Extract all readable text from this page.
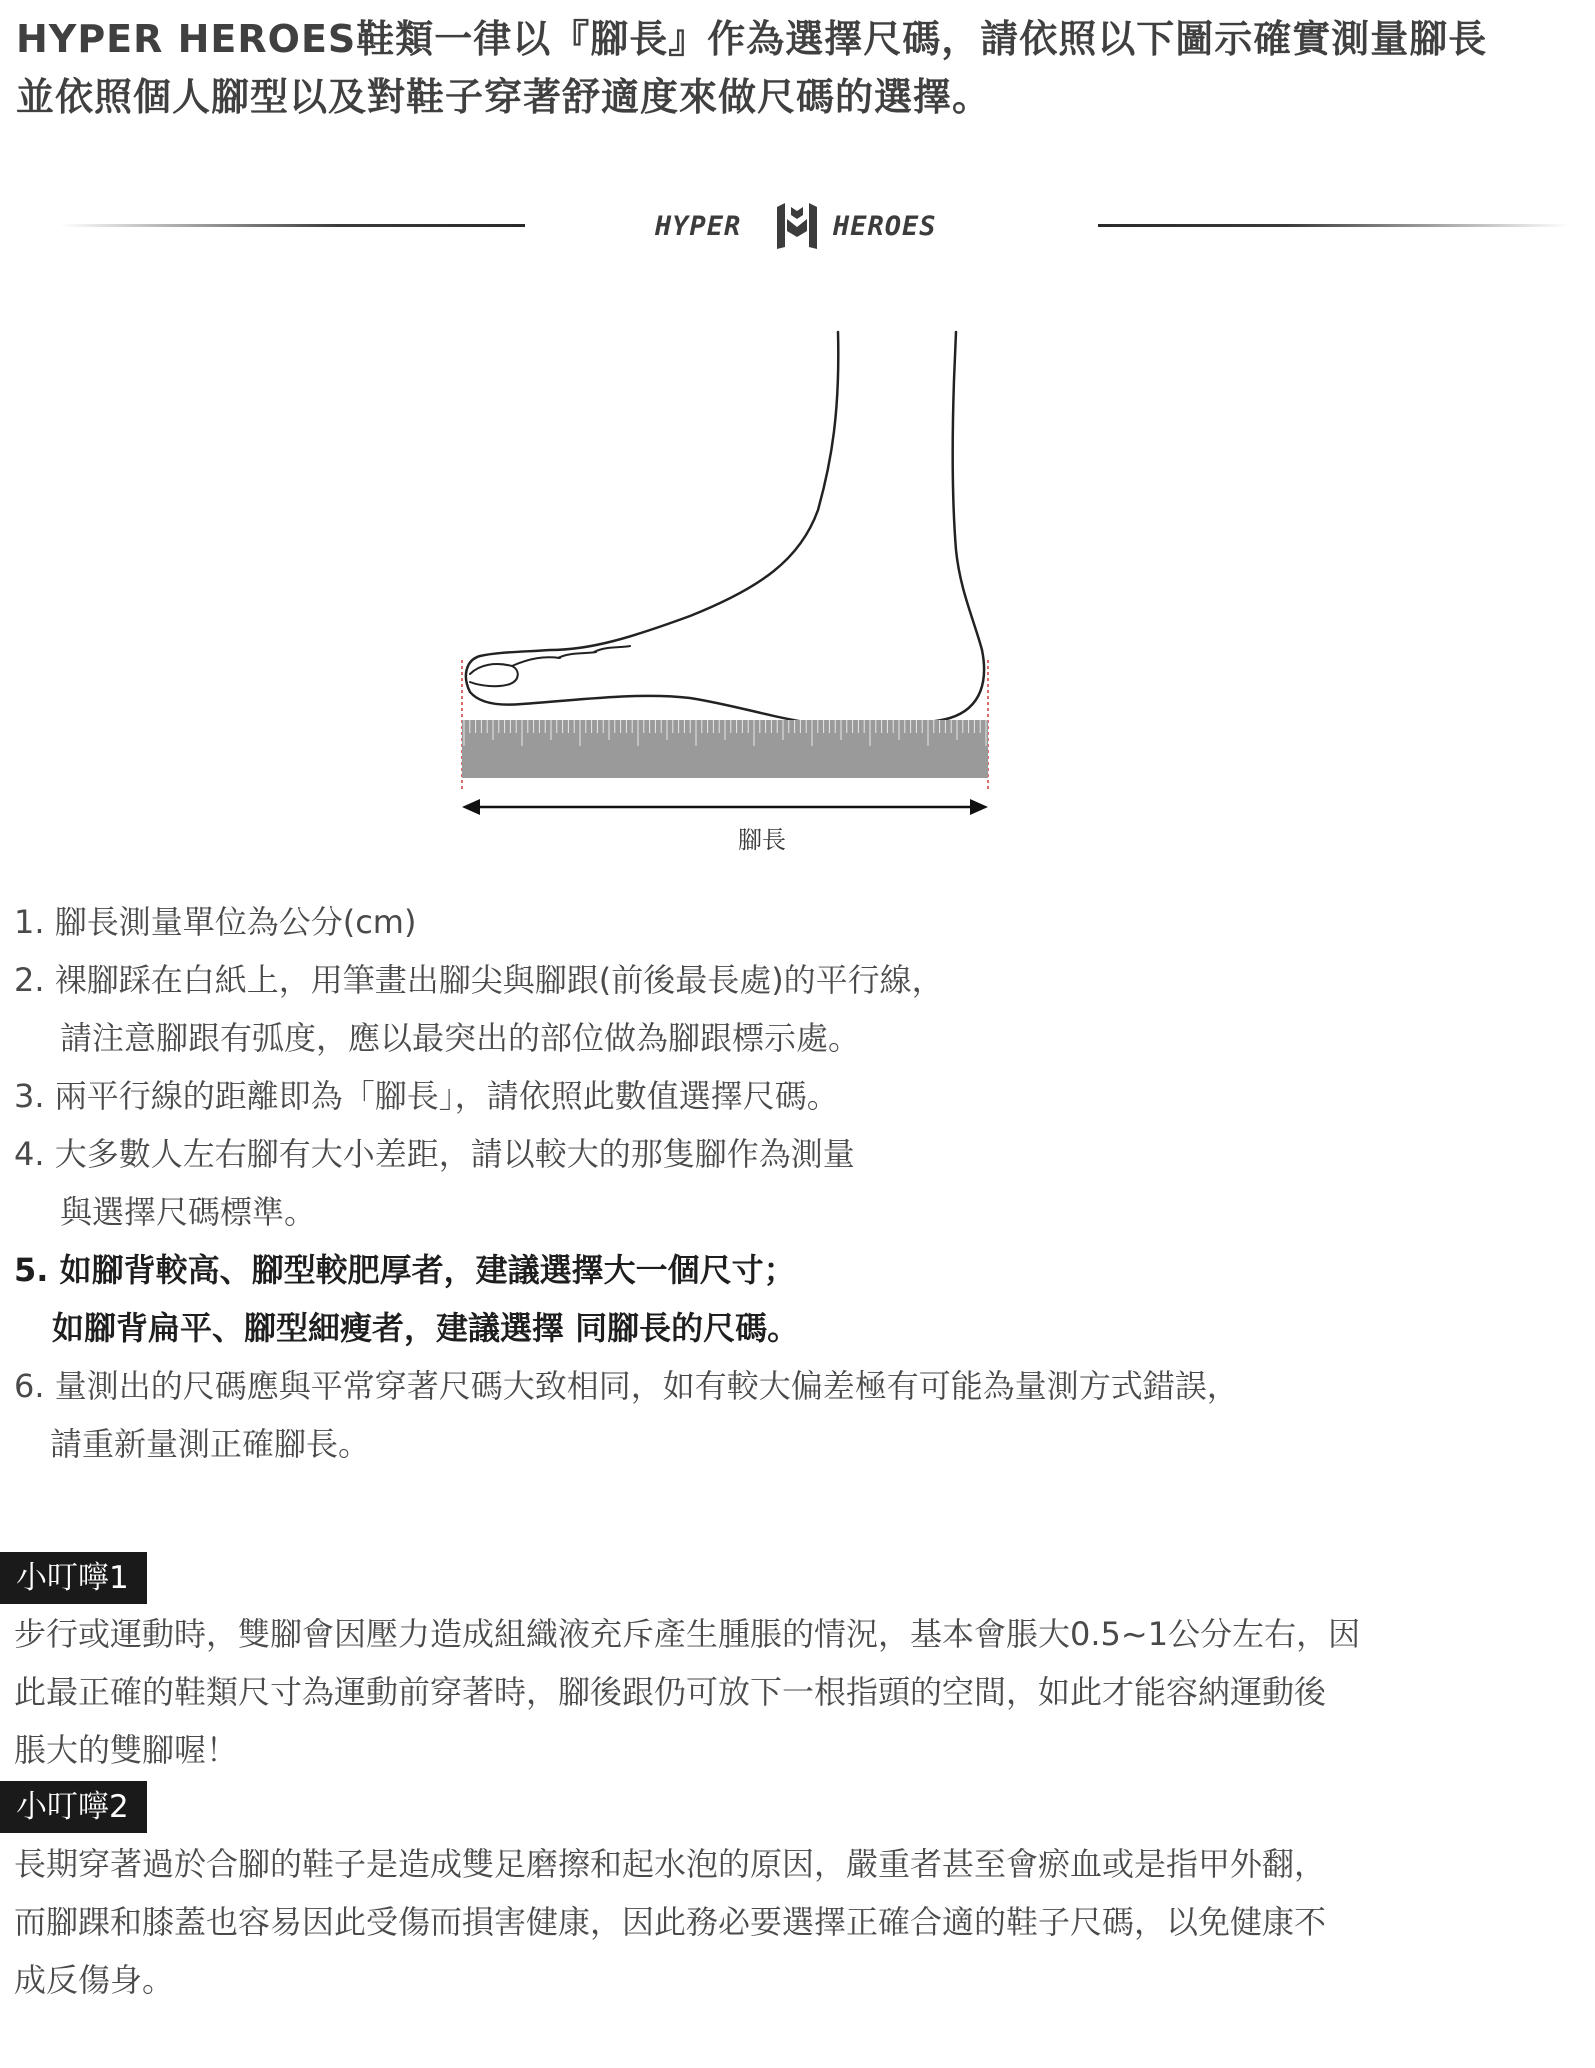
HYPER HEROES鞋類一律以『腳長』作為選擇尺碼，請依照以下圖示確實測量腳長
並依照個人腳型以及對鞋子穿著舒適度來做尺碼的選擇。
HYPER	HEROES
腳長
1. 腳長測量單位為公分(cm)
2. 裸腳踩在白紙上，用筆畫出腳尖與腳跟(前後最長處)的平行線，
請注意腳跟有弧度，應以最突出的部位做為腳跟標示處。
3. 兩平行線的距離即為「腳長」，請依照此數值選擇尺碼。
4. 大多數人左右腳有大小差距，請以較大的那隻腳作為測量
與選擇尺碼標準。
5. 如腳背較高、腳型較肥厚者，建議選擇大一個尺寸；
如腳背扁平、腳型細瘦者，建議選擇 同腳長的尺碼。
6. 量測出的尺碼應與平常穿著尺碼大致相同，如有較大偏差極有可能為量測方式錯誤，
請重新量測正確腳長。
小叮嚀1
步行或運動時，雙腳會因壓力造成組織液充斥產生腫脹的情況，基本會脹大0.5~1公分左右，因
此最正確的鞋類尺寸為運動前穿著時，腳後跟仍可放下一根指頭的空間，如此才能容納運動後
脹大的雙腳喔！
小叮嚀2
長期穿著過於合腳的鞋子是造成雙足磨擦和起水泡的原因，嚴重者甚至會瘀血或是指甲外翻，
而腳踝和膝蓋也容易因此受傷而損害健康，因此務必要選擇正確合適的鞋子尺碼，以免健康不
成反傷身。
